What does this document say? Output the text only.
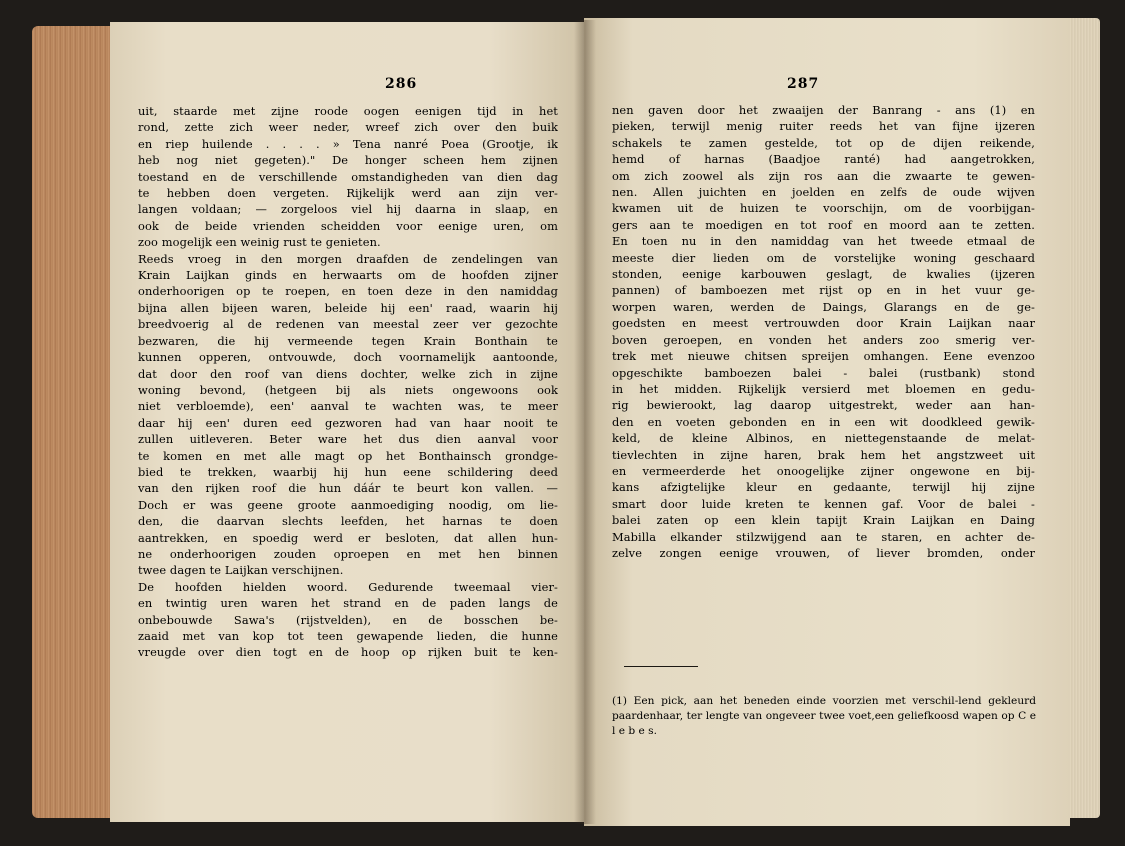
286	287
uit, staarde met zijne roode oogen eenigen tijd in het
rond, zette zich weer neder, wreef zich over den buik
en riep huilende . . . . » Tena nanré Poea (Grootje, ik
heb nog niet gegeten)." De honger scheen hem zijnen
toestand en de verschillende omstandigheden van dien dag
te hebben doen vergeten. Rijkelijk werd aan zijn ver-
langen voldaan; — zorgeloos viel hij daarna in slaap, en
ook de beide vrienden scheidden voor eenige uren, om
zoo mogelijk een weinig rust te genieten.
Reeds vroeg in den morgen draafden de zendelingen van
Krain Laijkan ginds en herwaarts om de hoofden zijner
onderhoorigen op te roepen, en toen deze in den namiddag
bijna allen bijeen waren, beleide hij een' raad, waarin hij
breedvoerig al de redenen van meestal zeer ver gezochte
bezwaren, die hij vermeende tegen Krain Bonthain te
kunnen opperen, ontvouwde, doch voornamelijk aantoonde,
dat door den roof van diens dochter, welke zich in zijne
woning bevond, (hetgeen bij als niets ongewoons ook
niet verbloemde), een' aanval te wachten was, te meer
daar hij een' duren eed gezworen had van haar nooit te
zullen uitleveren. Beter ware het dus dien aanval voor
te komen en met alle magt op het Bonthainsch grondge-
bied te trekken, waarbij hij hun eene schildering deed
van den rijken roof die hun dáár te beurt kon vallen. —
Doch er was geene groote aanmoediging noodig, om lie-
den, die daarvan slechts leefden, het harnas te doen
aantrekken, en spoedig werd er besloten, dat allen hun-
ne onderhoorigen zouden oproepen en met hen binnen
twee dagen te Laijkan verschijnen.
De hoofden hielden woord. Gedurende tweemaal vier-
en twintig uren waren het strand en de paden langs de
onbebouwde Sawa's (rijstvelden), en de bosschen be-
zaaid met van kop tot teen gewapende lieden, die hunne
vreugde over dien togt en de hoop op rijken buit te ken-
nen gaven door het zwaaijen der Banrang - ans (1) en
pieken, terwijl menig ruiter reeds het van fijne ijzeren
schakels te zamen gestelde, tot op de dijen reikende,
hemd of harnas (Baadjoe ranté) had aangetrokken,
om zich zoowel als zijn ros aan die zwaarte te gewen-
nen. Allen juichten en joelden en zelfs de oude wijven
kwamen uit de huizen te voorschijn, om de voorbijgan-
gers aan te moedigen en tot roof en moord aan te zetten.
En toen nu in den namiddag van het tweede etmaal de
meeste dier lieden om de vorstelijke woning geschaard
stonden, eenige karbouwen geslagt, de kwalies (ijzeren
pannen) of bamboezen met rijst op en in het vuur ge-
worpen waren, werden de Daings, Glarangs en de ge-
goedsten en meest vertrouwden door Krain Laijkan naar
boven geroepen, en vonden het anders zoo smerig ver-
trek met nieuwe chitsen spreijen omhangen. Eene evenzoo
opgeschikte bamboezen balei - balei (rustbank) stond
in het midden. Rijkelijk versierd met bloemen en gedu-
rig bewierookt, lag daarop uitgestrekt, weder aan han-
den en voeten gebonden en in een wit doodkleed gewik-
keld, de kleine Albinos, en niettegenstaande de melat-
tievlechten in zijne haren, brak hem het angstzweet uit
en vermeerderde het onoogelijke zijner ongewone en bij-
kans afzigtelijke kleur en gedaante, terwijl hij zijne
smart door luide kreten te kennen gaf. Voor de balei -
balei zaten op een klein tapijt Krain Laijkan en Daing
Mabilla elkander stilzwijgend aan te staren, en achter de-
zelve zongen eenige vrouwen, of liever bromden, onder
(1) Een pick, aan het beneden einde voorzien met verschil-lend gekleurd paardenhaar, ter lengte van ongeveer twee voet,een geliefkoosd wapen op C e l e b e s.
